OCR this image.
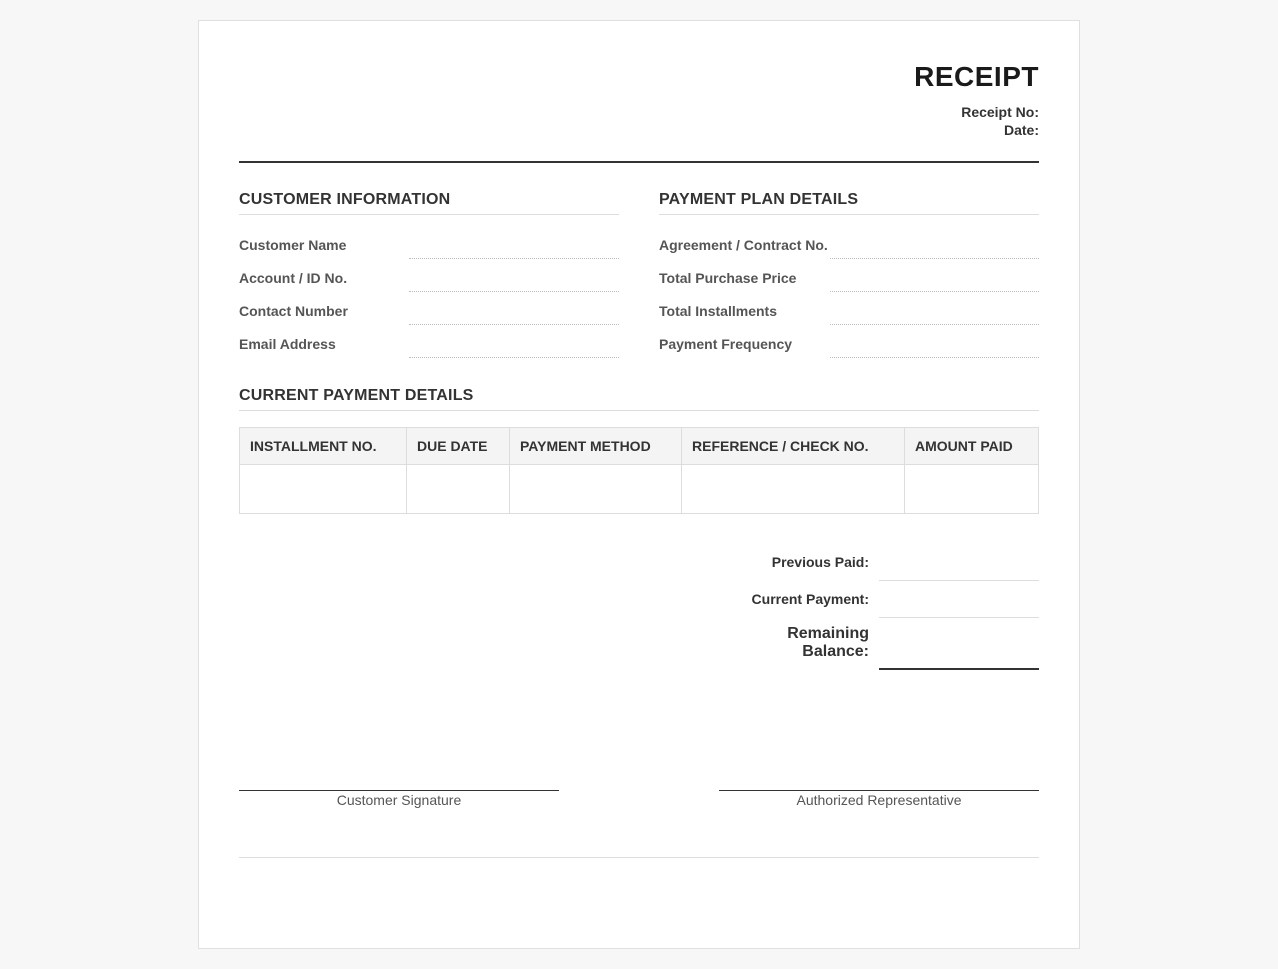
RECEIPT
Receipt No:
Date:
CUSTOMER INFORMATION
Customer Name
Account / ID No.
Contact Number
Email Address
PAYMENT PLAN DETAILS
Agreement / Contract No.
Total Purchase Price
Total Installments
Payment Frequency
CURRENT PAYMENT DETAILS
INSTALLMENT NO.	DUE DATE	PAYMENT METHOD	REFERENCE / CHECK NO.	AMOUNT PAID

Previous Paid:
Current Payment:
Remaining Balance:
Customer Signature	Authorized Representative
